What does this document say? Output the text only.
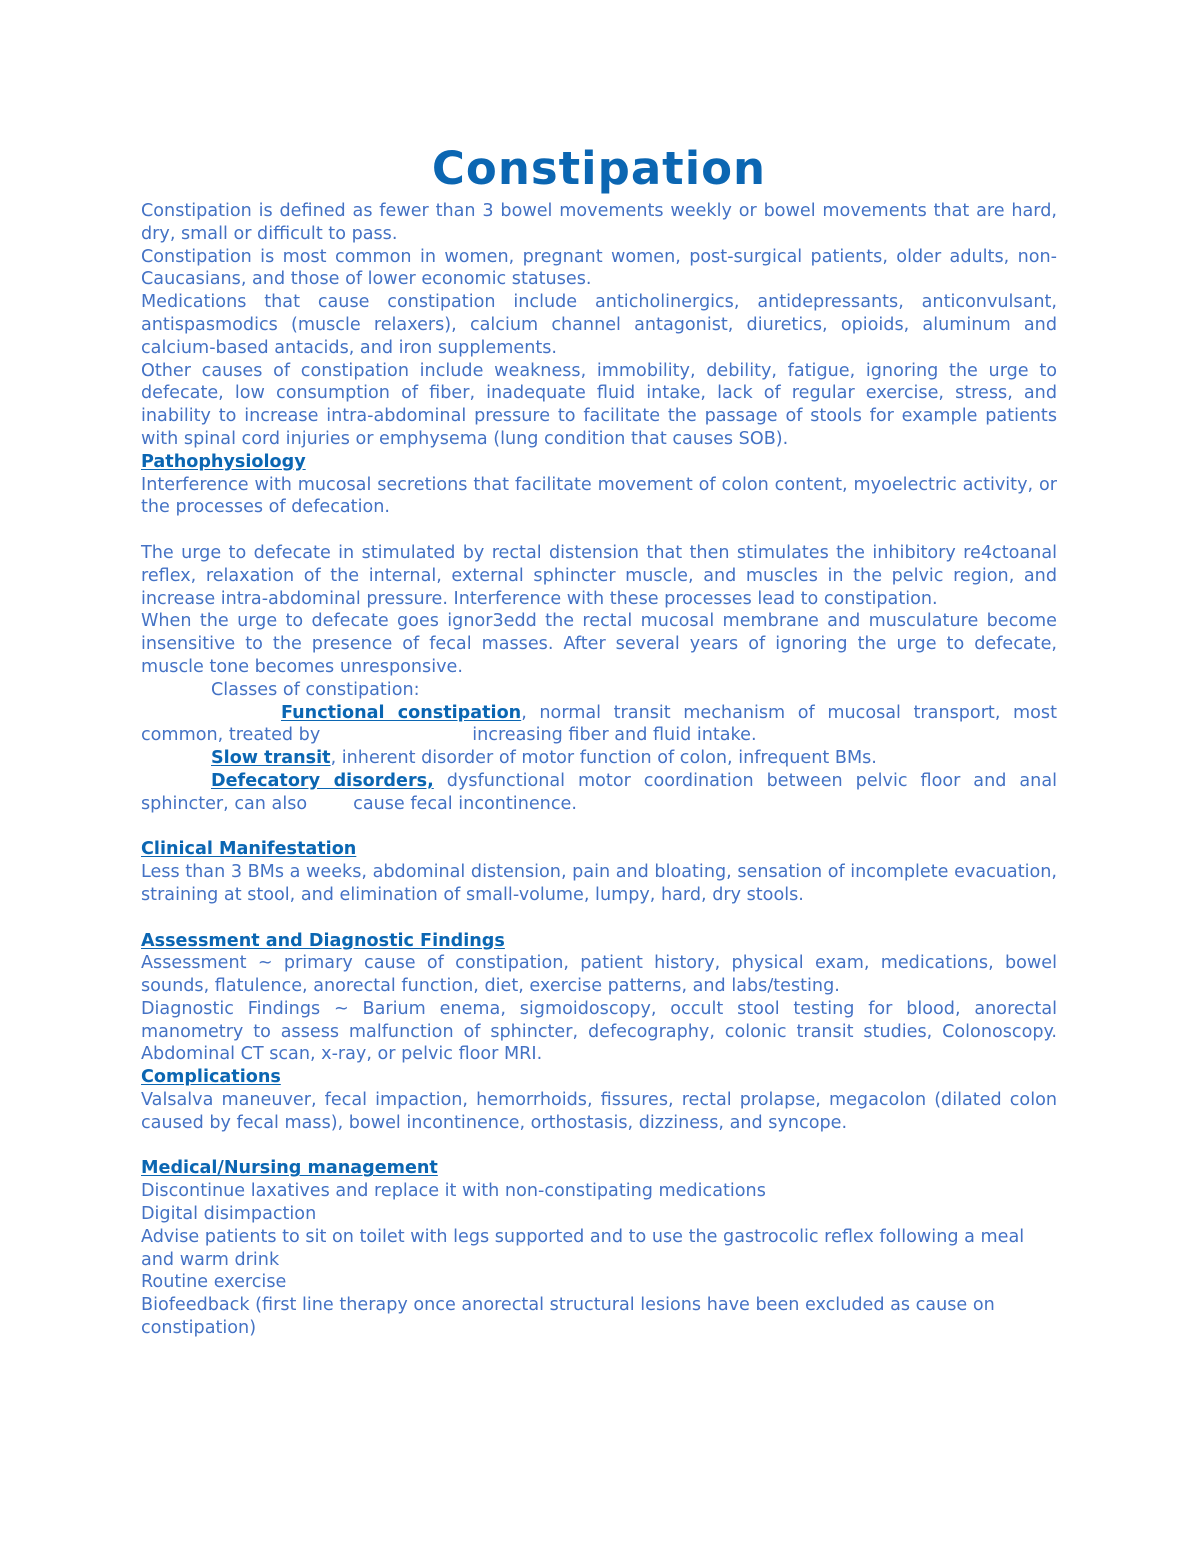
Constipation

Constipation is defined as fewer than 3 bowel movements weekly or bowel movements that are hard, dry, small or difficult to pass.

Constipation is most common in women, pregnant women, post-surgical patients, older adults, non-Caucasians, and those of lower economic statuses.

Medications that cause constipation include anticholinergics, antidepressants, anticonvulsant, antispasmodics (muscle relaxers), calcium channel antagonist, diuretics, opioids, aluminum and calcium-based antacids, and iron supplements.

Other causes of constipation include weakness, immobility, debility, fatigue, ignoring the urge to defecate, low consumption of fiber, inadequate fluid intake, lack of regular exercise, stress, and inability to increase intra-abdominal pressure to facilitate the passage of stools for example patients with spinal cord injuries or emphysema (lung condition that causes SOB).

Pathophysiology

Interference with mucosal secretions that facilitate movement of colon content, myoelectric activity, or the processes of defecation.

The urge to defecate in stimulated by rectal distension that then stimulates the inhibitory re4ctoanal reflex, relaxation of the internal, external sphincter muscle, and muscles in the pelvic region, and increase intra-abdominal pressure. Interference with these processes lead to constipation.

When the urge to defecate goes ignor3edd the rectal mucosal membrane and musculature become insensitive to the presence of fecal masses. After several years of ignoring the urge to defecate, muscle tone becomes unresponsive.

Classes of constipation:

Functional constipation, normal transit mechanism of mucosal transport, most common, treated by	increasing fiber and fluid intake.

Slow transit, inherent disorder of motor function of colon, infrequent BMs.

Defecatory disorders, dysfunctional motor coordination between pelvic floor and anal sphincter, can also	cause fecal incontinence.

Clinical Manifestation

Less than 3 BMs a weeks, abdominal distension, pain and bloating, sensation of incomplete evacuation, straining at stool, and elimination of small-volume, lumpy, hard, dry stools.

Assessment and Diagnostic Findings

Assessment ~ primary cause of constipation, patient history, physical exam, medications, bowel sounds, flatulence, anorectal function, diet, exercise patterns, and labs/testing.

Diagnostic Findings ~ Barium enema, sigmoidoscopy, occult stool testing for blood, anorectal manometry to assess malfunction of sphincter, defecography, colonic transit studies, Colonoscopy. Abdominal CT scan, x-ray, or pelvic floor MRI.

Complications

Valsalva maneuver, fecal impaction, hemorrhoids, fissures, rectal prolapse, megacolon (dilated colon caused by fecal mass), bowel incontinence, orthostasis, dizziness, and syncope.

Medical/Nursing management

Discontinue laxatives and replace it with non-constipating medications

Digital disimpaction

Advise patients to sit on toilet with legs supported and to use the gastrocolic reflex following a meal and warm drink

Routine exercise

Biofeedback (first line therapy once anorectal structural lesions have been excluded as cause on constipation)
